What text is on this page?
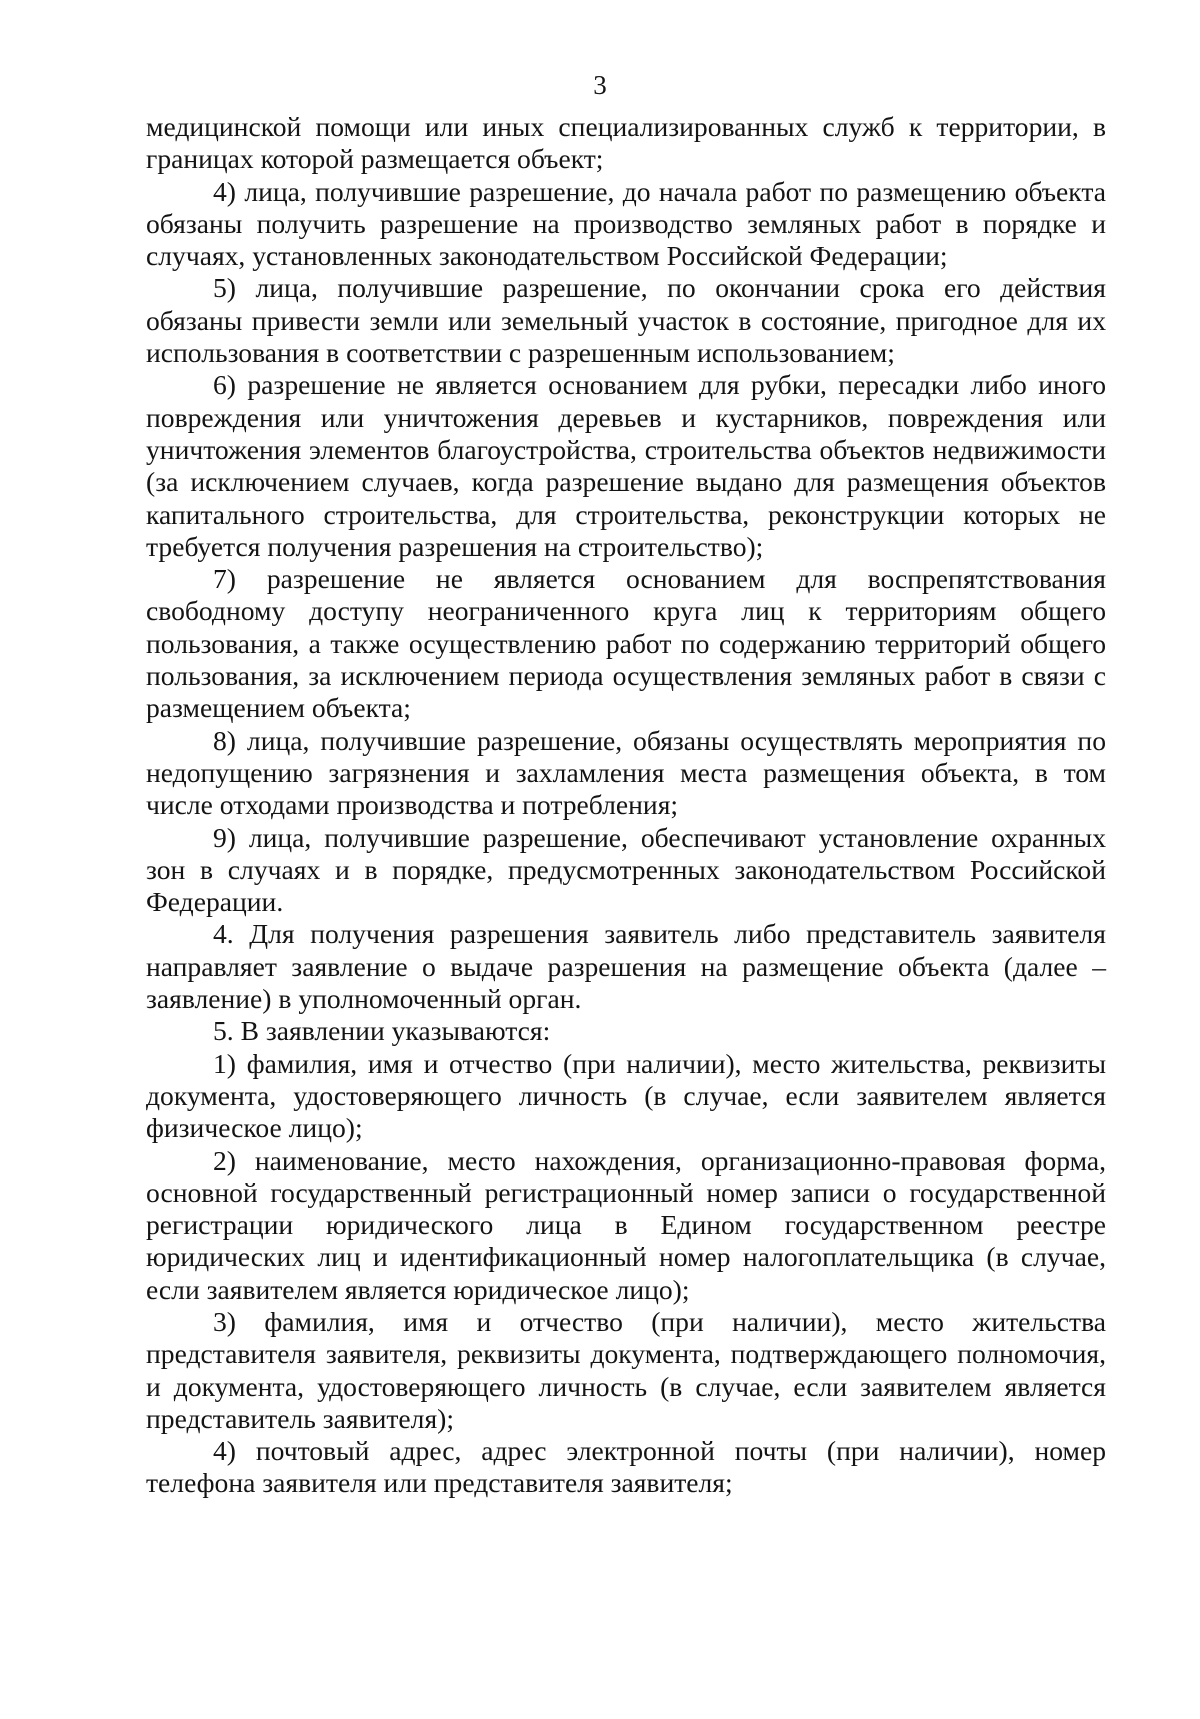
3

медицинской помощи или иных специализированных служб к территории, в границах которой размещается объект;

4) лица, получившие разрешение, до начала работ по размещению объекта обязаны получить разрешение на производство земляных работ в порядке и случаях, установленных законодательством Российской Федерации;

5) лица, получившие разрешение, по окончании срока его действия обязаны привести земли или земельный участок в состояние, пригодное для их использования в соответствии с разрешенным использованием;

6) разрешение не является основанием для рубки, пересадки либо иного повреждения или уничтожения деревьев и кустарников, повреждения или уничтожения элементов благоустройства, строительства объектов недвижимости (за исключением случаев, когда разрешение выдано для размещения объектов капитального строительства, для строительства, реконструкции которых не требуется получения разрешения на строительство);

7) разрешение не является основанием для воспрепятствования свободному доступу неограниченного круга лиц к территориям общего пользования, а также осуществлению работ по содержанию территорий общего пользования, за исключением периода осуществления земляных работ в связи с размещением объекта;

8) лица, получившие разрешение, обязаны осуществлять мероприятия по недопущению загрязнения и захламления места размещения объекта, в том числе отходами производства и потребления;

9) лица, получившие разрешение, обеспечивают установление охранных зон в случаях и в порядке, предусмотренных законодательством Российской Федерации.

4. Для получения разрешения заявитель либо представитель заявителя направляет заявление о выдаче разрешения на размещение объекта (далее – заявление) в уполномоченный орган.

5. В заявлении указываются:

1) фамилия, имя и отчество (при наличии), место жительства, реквизиты документа, удостоверяющего личность (в случае, если заявителем является физическое лицо);

2) наименование, место нахождения, организационно-правовая форма, основной государственный регистрационный номер записи о государственной регистрации юридического лица в Едином государственном реестре юридических лиц и идентификационный номер налогоплательщика (в случае, если заявителем является юридическое лицо);

3) фамилия, имя и отчество (при наличии), место жительства представителя заявителя, реквизиты документа, подтверждающего полномочия, и документа, удостоверяющего личность (в случае, если заявителем является представитель заявителя);

4) почтовый адрес, адрес электронной почты (при наличии), номер телефона заявителя или представителя заявителя;
